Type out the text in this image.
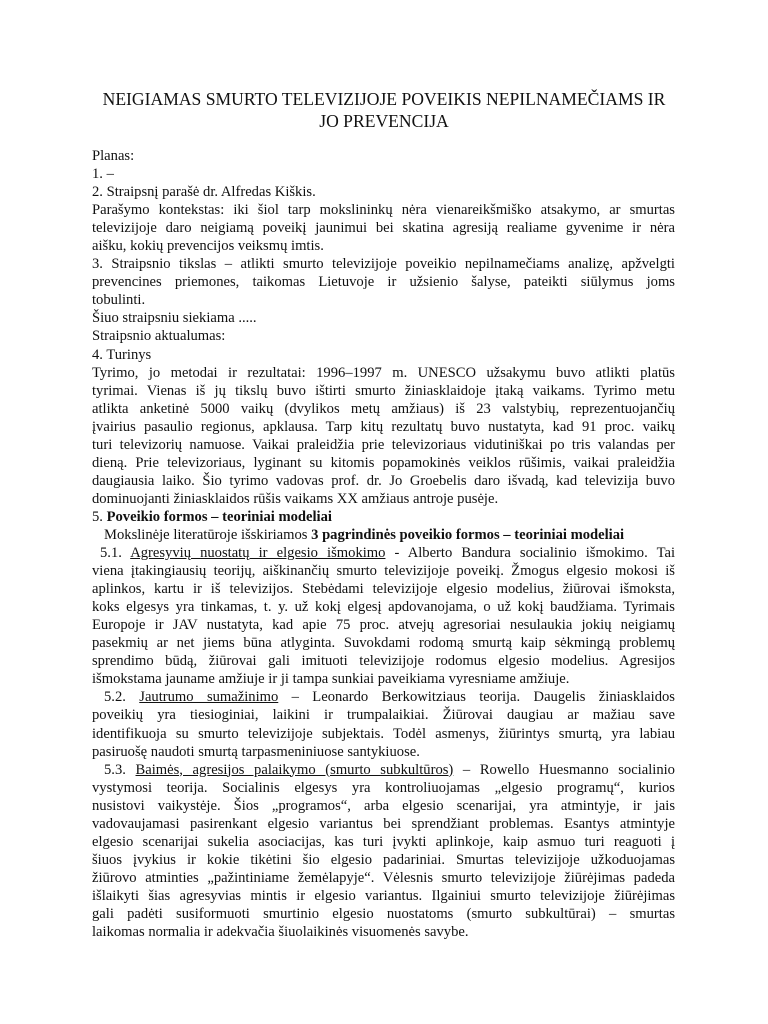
NEIGIAMAS SMURTO TELEVIZIJOJE POVEIKIS NEPILNAMEČIAMS IR
JO PREVENCIJA
Planas:
1. –
2. Straipsnį parašė dr. Alfredas Kiškis.
Parašymo kontekstas: iki šiol tarp mokslininkų nėra vienareikšmiško atsakymo, ar smurtas
televizijoje daro neigiamą poveikį jaunimui bei skatina agresiją realiame gyvenime ir nėra
aišku, kokių prevencijos veiksmų imtis.
3. Straipsnio tikslas – atlikti smurto televizijoje poveikio nepilnamečiams analizę, apžvelgti
prevencines priemones, taikomas Lietuvoje ir užsienio šalyse, pateikti siūlymus joms
tobulinti.
Šiuo straipsniu siekiama .....
Straipsnio aktualumas:
4. Turinys
Tyrimo, jo metodai ir rezultatai: 1996–1997 m. UNESCO užsakymu buvo atlikti platūs
tyrimai. Vienas iš jų tikslų buvo ištirti smurto žiniasklaidoje įtaką vaikams. Tyrimo metu
atlikta anketinė 5000 vaikų (dvylikos metų amžiaus) iš 23 valstybių, reprezentuojančių
įvairius pasaulio regionus, apklausa. Tarp kitų rezultatų buvo nustatyta, kad 91 proc. vaikų
turi televizorių namuose. Vaikai praleidžia prie televizoriaus vidutiniškai po tris valandas per
dieną. Prie televizoriaus, lyginant su kitomis popamokinės veiklos rūšimis, vaikai praleidžia
daugiausia laiko. Šio tyrimo vadovas prof. dr. Jo Groebelis daro išvadą, kad televizija buvo
dominuojanti žiniasklaidos rūšis vaikams XX amžiaus antroje pusėje.
5. Poveikio formos – teoriniai modeliai
Mokslinėje literatūroje išskiriamos 3 pagrindinės poveikio formos – teoriniai modeliai
5.1. Agresyvių nuostatų ir elgesio išmokimo - Alberto Bandura socialinio išmokimo. Tai
viena įtakingiausių teorijų, aiškinančių smurto televizijoje poveikį. Žmogus elgesio mokosi iš
aplinkos, kartu ir iš televizijos. Stebėdami televizijoje elgesio modelius, žiūrovai išmoksta,
koks elgesys yra tinkamas, t. y. už kokį elgesį apdovanojama, o už kokį baudžiama. Tyrimais
Europoje ir JAV nustatyta, kad apie 75 proc. atvejų agresoriai nesulaukia jokių neigiamų
pasekmių ar net jiems būna atlyginta. Suvokdami rodomą smurtą kaip sėkmingą problemų
sprendimo būdą, žiūrovai gali imituoti televizijoje rodomus elgesio modelius. Agresijos
išmokstama jauname amžiuje ir ji tampa sunkiai paveikiama vyresniame amžiuje.
5.2. Jautrumo sumažinimo – Leonardo Berkowitziaus teorija. Daugelis žiniasklaidos
poveikių yra tiesioginiai, laikini ir trumpalaikiai. Žiūrovai daugiau ar mažiau save
identifikuoja su smurto televizijoje subjektais. Todėl asmenys, žiūrintys smurtą, yra labiau
pasiruošę naudoti smurtą tarpasmeniniuose santykiuose.
5.3. Baimės, agresijos palaikymo (smurto subkultūros) – Rowello Huesmanno socialinio
vystymosi teorija. Socialinis elgesys yra kontroliuojamas „elgesio programų“, kurios
nusistovi vaikystėje. Šios „programos“, arba elgesio scenarijai, yra atmintyje, ir jais
vadovaujamasi pasirenkant elgesio variantus bei sprendžiant problemas. Esantys atmintyje
elgesio scenarijai sukelia asociacijas, kas turi įvykti aplinkoje, kaip asmuo turi reaguoti į
šiuos įvykius ir kokie tikėtini šio elgesio padariniai. Smurtas televizijoje užkoduojamas
žiūrovo atminties „pažintiniame žemėlapyje“. Vėlesnis smurto televizijoje žiūrėjimas padeda
išlaikyti šias agresyvias mintis ir elgesio variantus. Ilgainiui smurto televizijoje žiūrėjimas
gali padėti susiformuoti smurtinio elgesio nuostatoms (smurto subkultūrai) – smurtas
laikomas normalia ir adekvačia šiuolaikinės visuomenės savybe.
